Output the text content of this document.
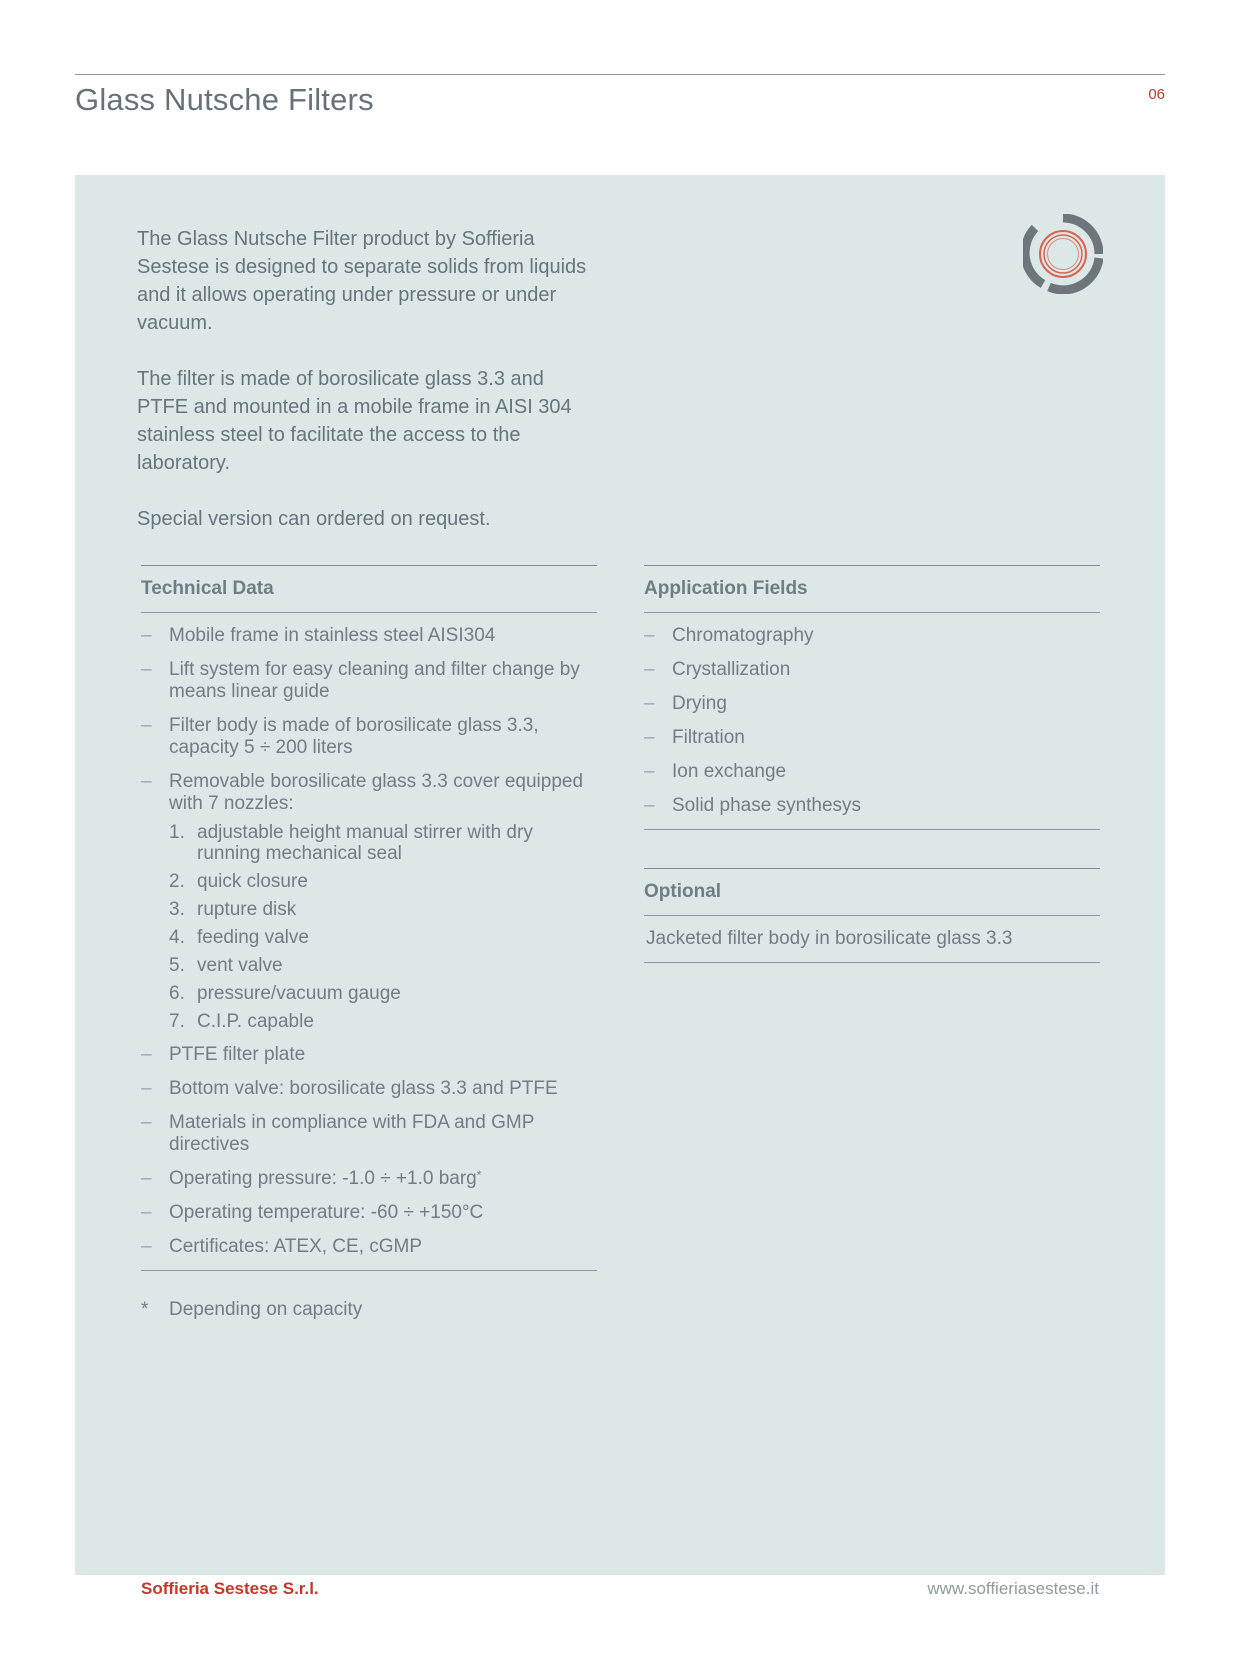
Glass Nutsche Filters	06

The Glass Nutsche Filter product by Soffieria Sestese is designed to separate solids from liquids and it allows operating under pressure or under vacuum.

The filter is made of borosilicate glass 3.3 and PTFE and mounted in a mobile frame in AISI 304 stainless steel to facilitate the access to the laboratory.

Special version can ordered on request.

Technical Data
– Mobile frame in stainless steel AISI304
– Lift system for easy cleaning and filter change by means linear guide
– Filter body is made of borosilicate glass 3.3, capacity 5 ÷ 200 liters
– Removable borosilicate glass 3.3 cover equipped with 7 nozzles:
1. adjustable height manual stirrer with dry running mechanical seal
2. quick closure
3. rupture disk
4. feeding valve
5. vent valve
6. pressure/vacuum gauge
7. C.I.P. capable
– PTFE filter plate
– Bottom valve: borosilicate glass 3.3 and PTFE
– Materials in compliance with FDA and GMP directives
– Operating pressure: -1.0 ÷ +1.0 barg*
– Operating temperature: -60 ÷ +150°C
– Certificates: ATEX, CE, cGMP
* Depending on capacity
Application Fields
– Chromatography
– Crystallization
– Drying
– Filtration
– Ion exchange
– Solid phase synthesys
Optional
Jacketed filter body in borosilicate glass 3.3
Soffieria Sestese S.r.l.	www.soffieriasestese.it
